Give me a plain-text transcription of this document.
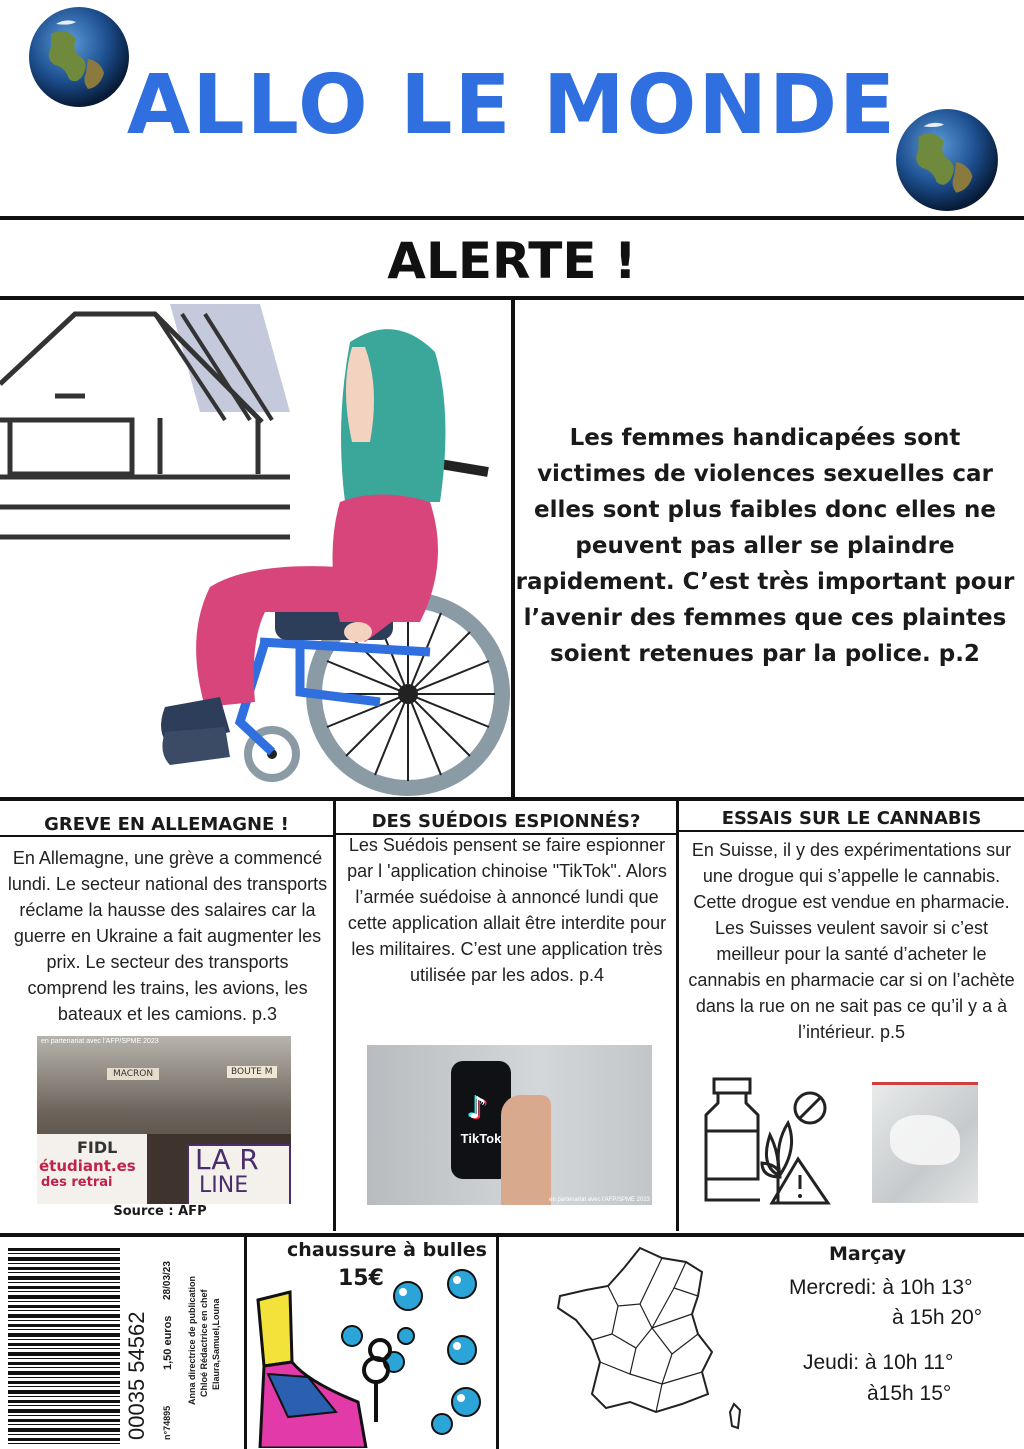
ALLO LE MONDE
ALERTE !
Les femmes handicapées sont victimes de violences sexuelles car elles sont plus faibles donc elles ne peuvent pas aller se plaindre rapidement. C’est très important pour l’avenir des femmes que ces plaintes soient retenues par la police. p.2
GREVE EN ALLEMAGNE !	DES SUÉDOIS ESPIONNÉS?	ESSAIS SUR LE CANNABIS
En Allemagne, une grève a commencé lundi. Le secteur national des transports réclame la hausse des salaires car la guerre en Ukraine a fait augmenter les prix. Le secteur des transports comprend les trains, les avions, les bateaux et les camions. p.3
Les Suédois pensent se faire espionner par l 'application chinoise "TikTok". Alors l’armée suédoise à annoncé lundi que cette application allait être interdite pour les militaires. C’est une application très utilisée par les ados. p.4
En Suisse, il y des expérimentations sur une drogue qui s’appelle le cannabis. Cette drogue est vendue en pharmacie. Les Suisses veulent savoir si c’est meilleur pour la santé d’acheter le cannabis en pharmacie car si on l’achète dans la rue on ne sait pas ce qu’il y a à l’intérieur. p.5
en partenariat avec l'AFP/SPME 2023
MACRON	BOUTE M
FIDL
étudiant.es
des retrai
LA R
LINE
Source : AFP
♪
TikTok
en partenariat avec l'AFP/SPME 2023
00035 54562 n°74895
1,50 euros
28/03/23 Anna directrice de publication Chloé Rédactrice en chef Elaura,Samuel,Louna
chaussure à bulles
15€
Marçay
Mercredi: à 10h 13°
à 15h 20°
Jeudi: à 10h 11°
à15h 15°
